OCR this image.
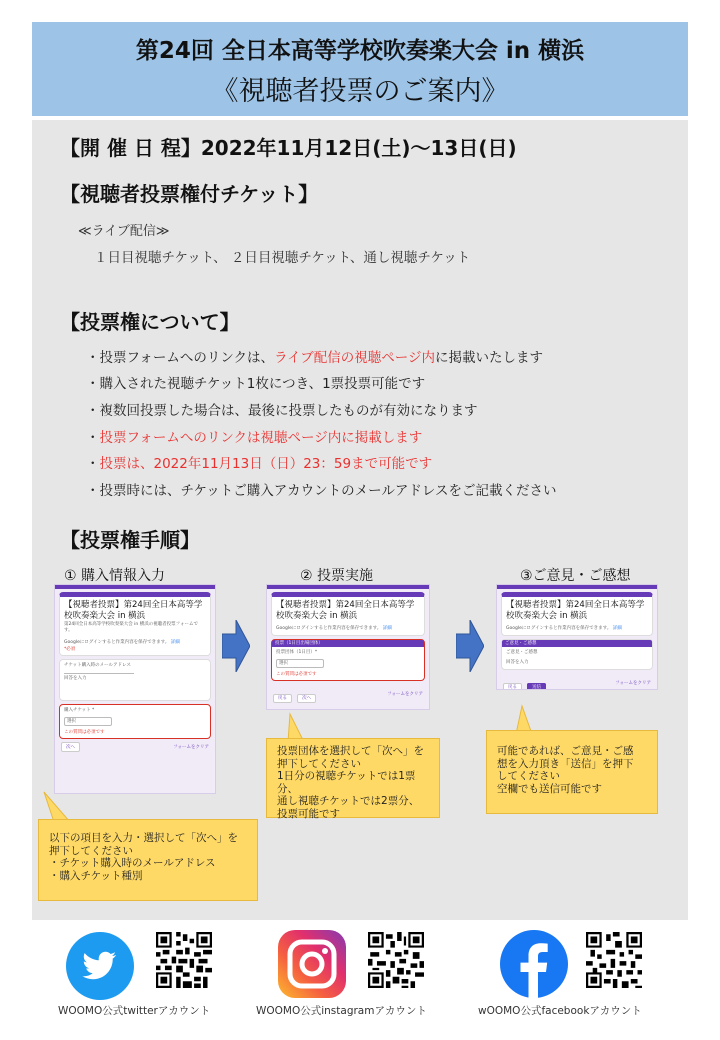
第24回 全日本高等学校吹奏楽大会 in 横浜
《視聴者投票のご案内》
【開 催 日 程】2022年11月12日(土)～13日(日)
【視聴者投票権付チケット】
≪ライブ配信≫
１日目視聴チケット、 ２日目視聴チケット、通し視聴チケット
【投票権について】
・投票フォームへのリンクは、ライブ配信の視聴ページ内に掲載いたします
・購入された視聴チケット1枚につき、1票投票可能です
・複数回投票した場合は、最後に投票したものが有効になります
・投票フォームへのリンクは視聴ページ内に掲載します
・投票は、2022年11月13日（日）23：59まで可能です
・投票時には、チケットご購入アカウントのメールアドレスをご記載ください
【投票権手順】
① 購入情報入力	② 投票実施	③ご意見・ご感想
【視聴者投票】第24回全日本高等学校吹奏楽大会 in 横浜
第24回全日本高等学校吹奏楽大会 in 横浜の視聴者投票フォームです。
Googleにログインすると作業内容を保存できます。 詳細
*必須
チケット購入時のメールアドレス
回答を入力
購入チケット *
選択
この質問は必須です
次へ	フォームをクリア
【視聴者投票】第24回全日本高等学校吹奏楽大会 in 横浜
Googleにログインすると作業内容を保存できます。 詳細
投票（1日目出場団体）
投票団体（1日目）*
選択
この質問は必須です
戻る	次へ
フォームをクリア
【視聴者投票】第24回全日本高等学校吹奏楽大会 in 横浜
Googleにログインすると作業内容を保存できます。 詳細
ご意見・ご感想
ご意見・ご感想
回答を入力
戻る	送信
フォームをクリア
以下の項目を入力・選択して「次へ」を
押下してください
・チケット購入時のメールアドレス
・購入チケット種別
投票団体を選択して「次へ」を
押下してください
1日分の視聴チケットでは1票分、
通し視聴チケットでは2票分、
投票可能です
可能であれば、ご意見・ご感
想を入力頂き「送信」を押下
してください
空欄でも送信可能です
WOOMO公式twitterアカウント	WOOMO公式instagramアカウント	wOOMO公式facebookアカウント
